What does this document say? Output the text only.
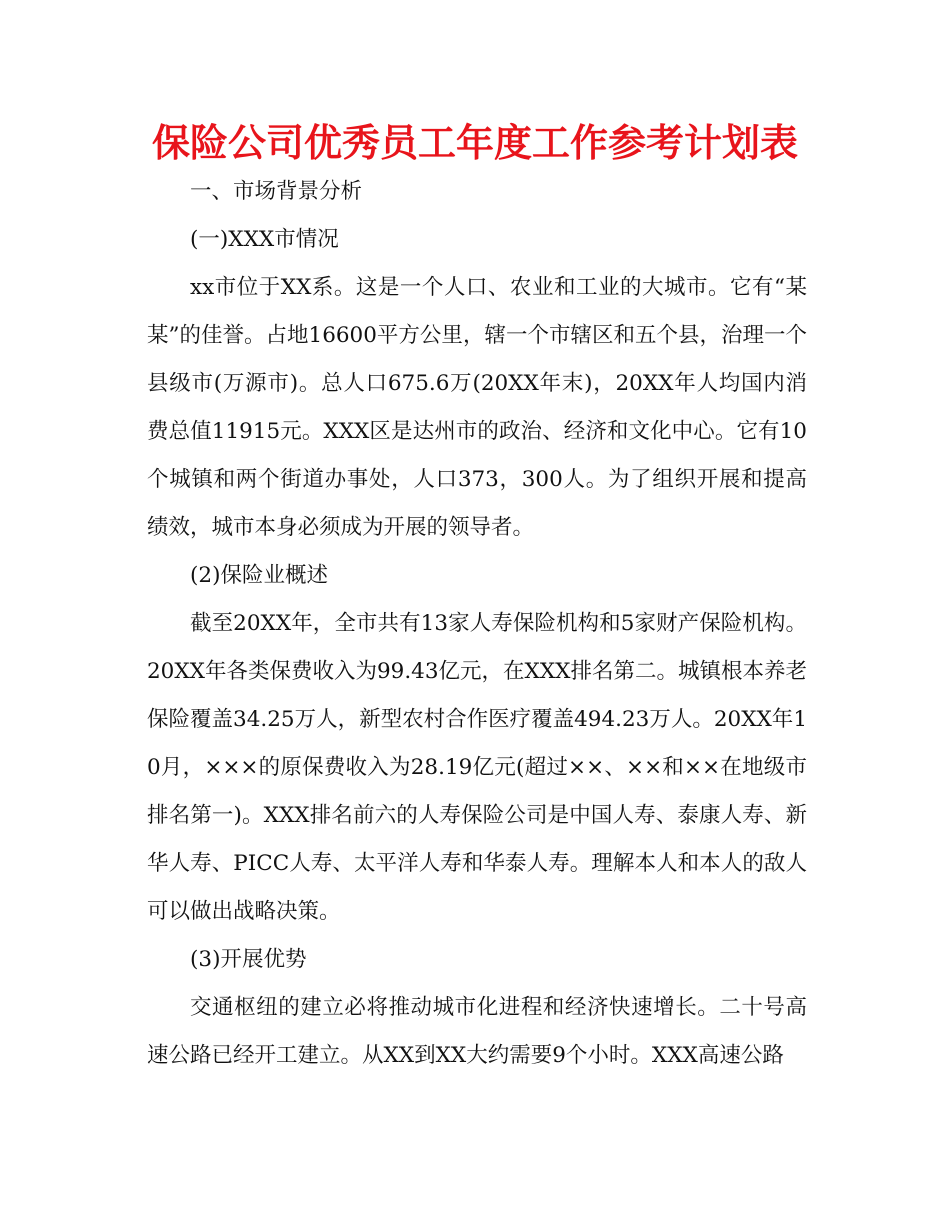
保险公司优秀员工年度工作参考计划表

一、市场背景分析

(一)XXX市情况

xx市位于XX系。这是一个人口、农业和工业的大城市。它有“某某”的佳誉。占地16600平方公里，辖一个市辖区和五个县，治理一个县级市(万源市)。总人口675.6万(20XX年末)，20XX年人均国内消费总值11915元。XXX区是达州市的政治、经济和文化中心。它有10个城镇和两个街道办事处，人口373，300人。为了组织开展和提高绩效，城市本身必须成为开展的领导者。

(2)保险业概述

截至20XX年，全市共有13家人寿保险机构和5家财产保险机构。20XX年各类保费收入为99.43亿元，在XXX排名第二。城镇根本养老保险覆盖34.25万人，新型农村合作医疗覆盖494.23万人。20XX年10月，×××的原保费收入为28.19亿元(超过××、××和××在地级市排名第一)。XXX排名前六的人寿保险公司是中国人寿、泰康人寿、新华人寿、PICC人寿、太平洋人寿和华泰人寿。理解本人和本人的敌人可以做出战略决策。

(3)开展优势

交通枢纽的建立必将推动城市化进程和经济快速增长。二十号高速公路已经开工建立。从XX到XX大约需要9个小时。XXX高速公路
